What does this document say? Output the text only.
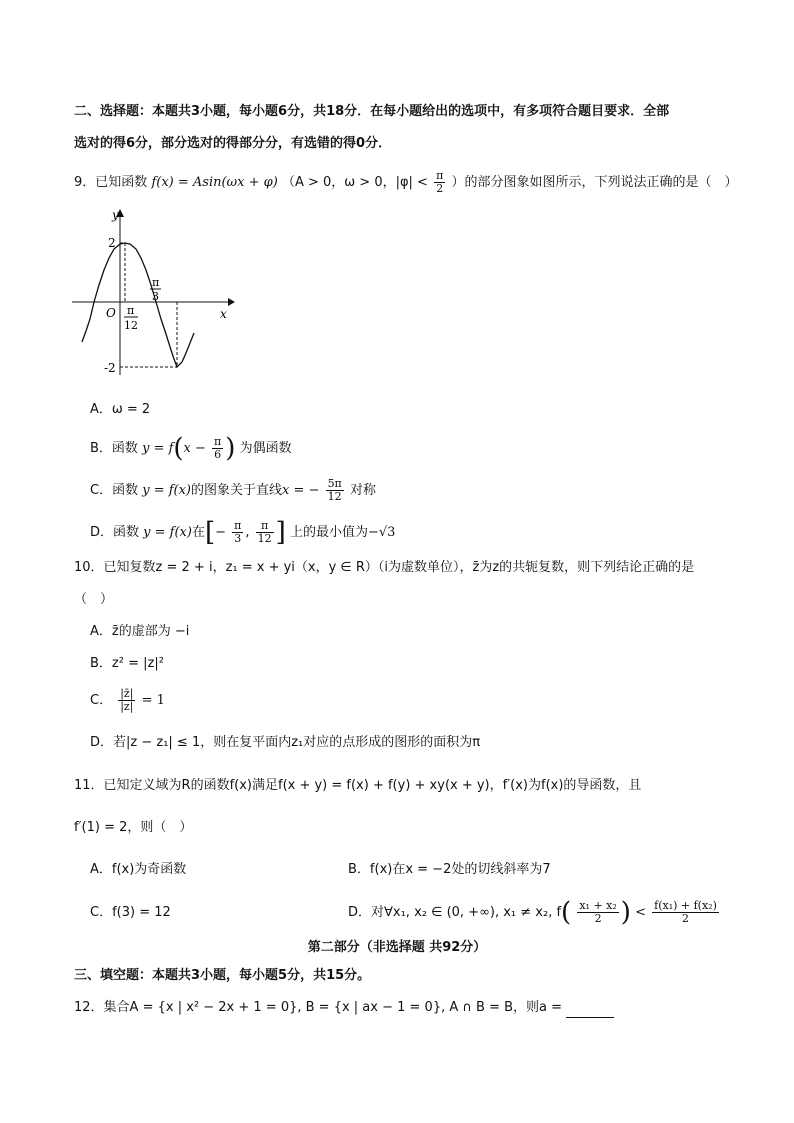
二、选择题：本题共3小题，每小题6分，共18分．在每小题给出的选项中，有多项符合题目要求．全部
选对的得6分，部分选对的得部分分，有选错的得0分．
9．已知函数 f(x) = Asin(ωx + φ) （A > 0，ω > 0，$|\varphi| < \frac{\pi}{2}$ ）的部分图象如图所示，下列说法正确的是（　）
y
x
O
2
-2
π
12
π
3
A．ω = 2
B．函数 $y = f(x - \frac{\pi}{6}$ ) 为偶函数
C．函数 y = f(x)的图象关于直线x = − $\frac{5\pi}{12}$ 对称
D．函数 y = f(x)在[− $\frac{\pi}{3}$ , $\frac{\pi}{12}$ ] 上的最小值为−√3
10．已知复数z = 2 + i，z₁ = x + yi（x，y ∈ R）（i为虚数单位），z̄为z的共轭复数，则下列结论正确的是
（　）
A．z̄的虚部为 −i
B．z² = |z|²
C． $\frac{|z̄|}{|z|} = 1$
D．若|z − z₁| ≤ 1，则在复平面内z₁对应的点形成的图形的面积为π
11．已知定义域为R的函数f(x)满足f(x + y) = f(x) + f(y) + xy(x + y)，f′(x)为f(x)的导函数，且
f′(1) = 2，则（　）
A．f(x)为奇函数	B．f(x)在x = −2处的切线斜率为7
C．f(3) = 12	D．对∀x₁, x₂ ∈ (0, +∞), x₁ ≠ x₂, $f( \frac{\text{x₁ + x₂}}{2}$ ) < $\frac{\text{f(x₁) + f(x₂)}}{2}$
第二部分（非选择题 共92分）
三、填空题：本题共3小题，每小题5分，共15分。
12．集合A = {x | x² − 2x + 1 = 0}, B = {x | ax − 1 = 0}, A ∩ B = B，则a =
